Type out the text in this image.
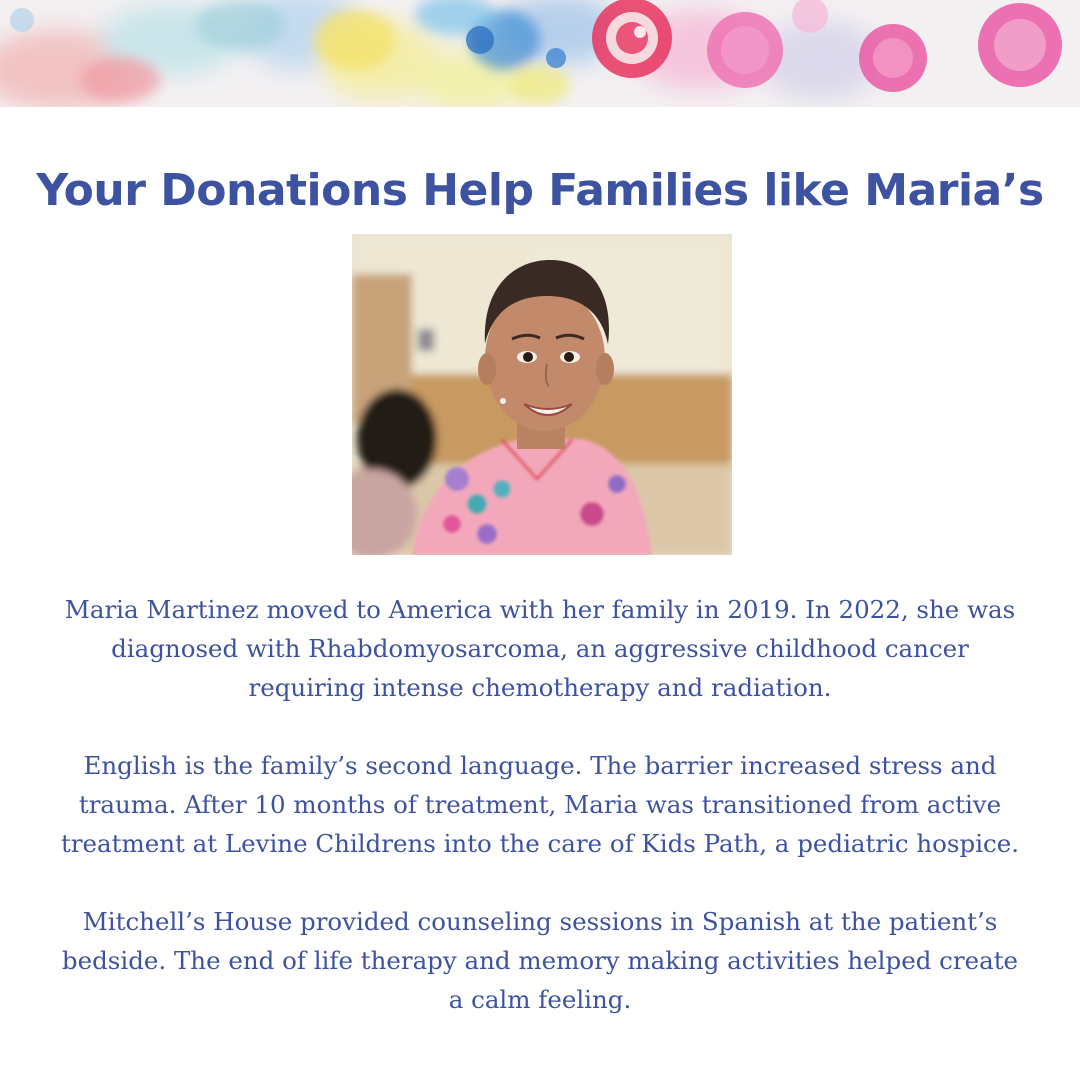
Your Donations Help Families like Maria’s

Maria Martinez moved to America with her family in 2019. In 2022, she was diagnosed with Rhabdomyosarcoma, an aggressive childhood cancer requiring intense chemotherapy and radiation.

English is the family’s second language. The barrier increased stress and trauma. After 10 months of treatment, Maria was transitioned from active treatment at Levine Childrens into the care of Kids Path, a pediatric hospice.

Mitchell’s House provided counseling sessions in Spanish at the patient’s bedside. The end of life therapy and memory making activities helped create a calm feeling.
